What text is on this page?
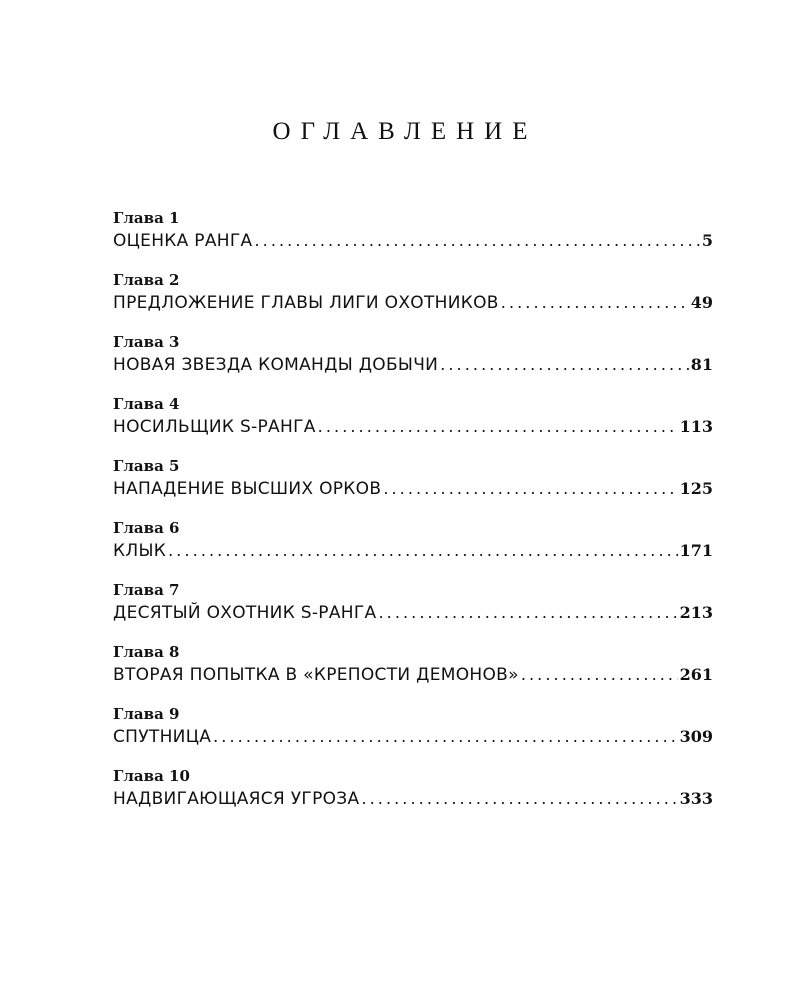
ОГЛАВЛЕНИЕ
Глава 1
ОЦЕНКА РАНГА . . .	5
Глава 2
ПРЕДЛОЖЕНИЕ ГЛАВЫ ЛИГИ ОХОТНИКОВ . . .	49
Глава 3
НОВАЯ ЗВЕЗДА КОМАНДЫ ДОБЫЧИ . . .	81
Глава 4
НОСИЛЬЩИК S-РАНГА . . .	113
Глава 5
НАПАДЕНИЕ ВЫСШИХ ОРКОВ . . .	125
Глава 6
КЛЫК . . .	171
Глава 7
ДЕСЯТЫЙ ОХОТНИК S-РАНГА . . .	213
Глава 8
ВТОРАЯ ПОПЫТКА В «КРЕПОСТИ ДЕМОНОВ» . . .	261
Глава 9
СПУТНИЦА . . .	309
Глава 10
НАДВИГАЮЩАЯСЯ УГРОЗА . . .	333
